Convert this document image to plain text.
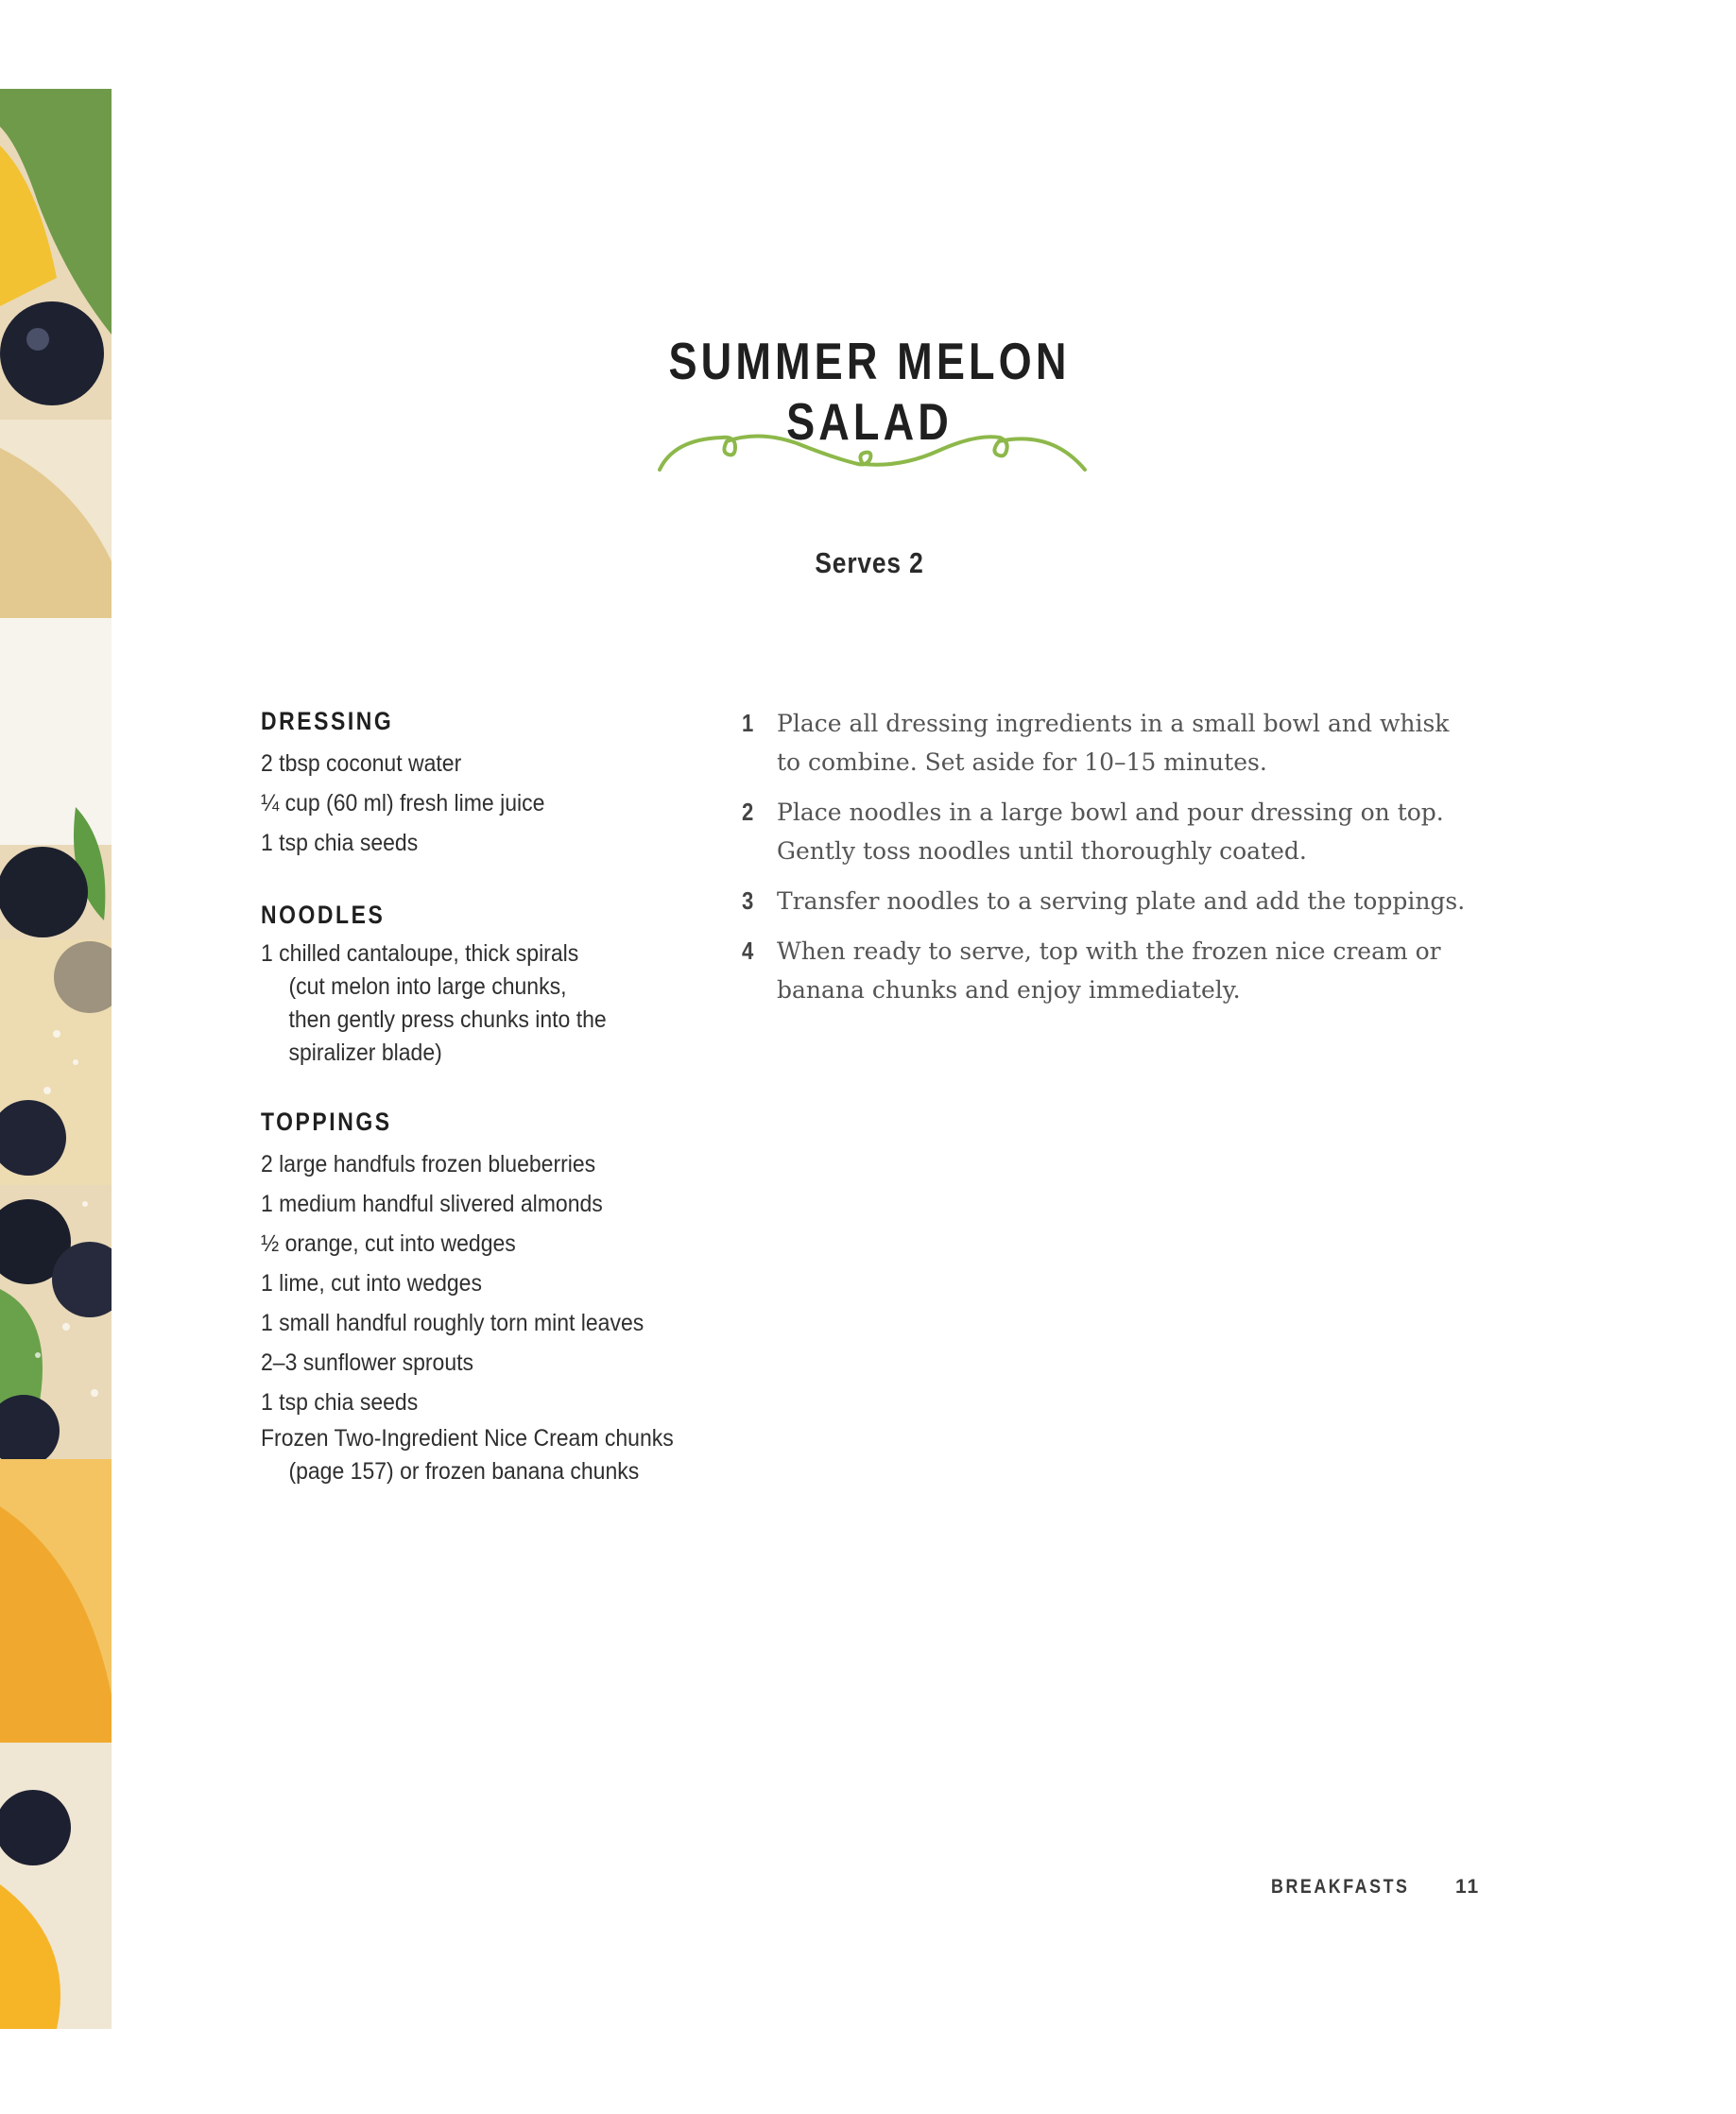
SUMMER MELON SALAD
Serves 2
DRESSING
2 tbsp coconut water
¼ cup (60 ml) fresh lime juice
1 tsp chia seeds
NOODLES
1 chilled cantaloupe, thick spirals
(cut melon into large chunks,
then gently press chunks into the
spiralizer blade)
TOPPINGS
2 large handfuls frozen blueberries
1 medium handful slivered almonds
½ orange, cut into wedges
1 lime, cut into wedges
1 small handful roughly torn mint leaves
2–3 sunflower sprouts
1 tsp chia seeds
Frozen Two-Ingredient Nice Cream chunks
(page 157) or frozen banana chunks
1 Place all dressing ingredients in a small bowl and whisk to combine. Set aside for 10–15 minutes.
2 Place noodles in a large bowl and pour dressing on top. Gently toss noodles until thoroughly coated.
3 Transfer noodles to a serving plate and add the toppings.
4 When ready to serve, top with the frozen nice cream or banana chunks and enjoy immediately.
BREAKFASTS 11
